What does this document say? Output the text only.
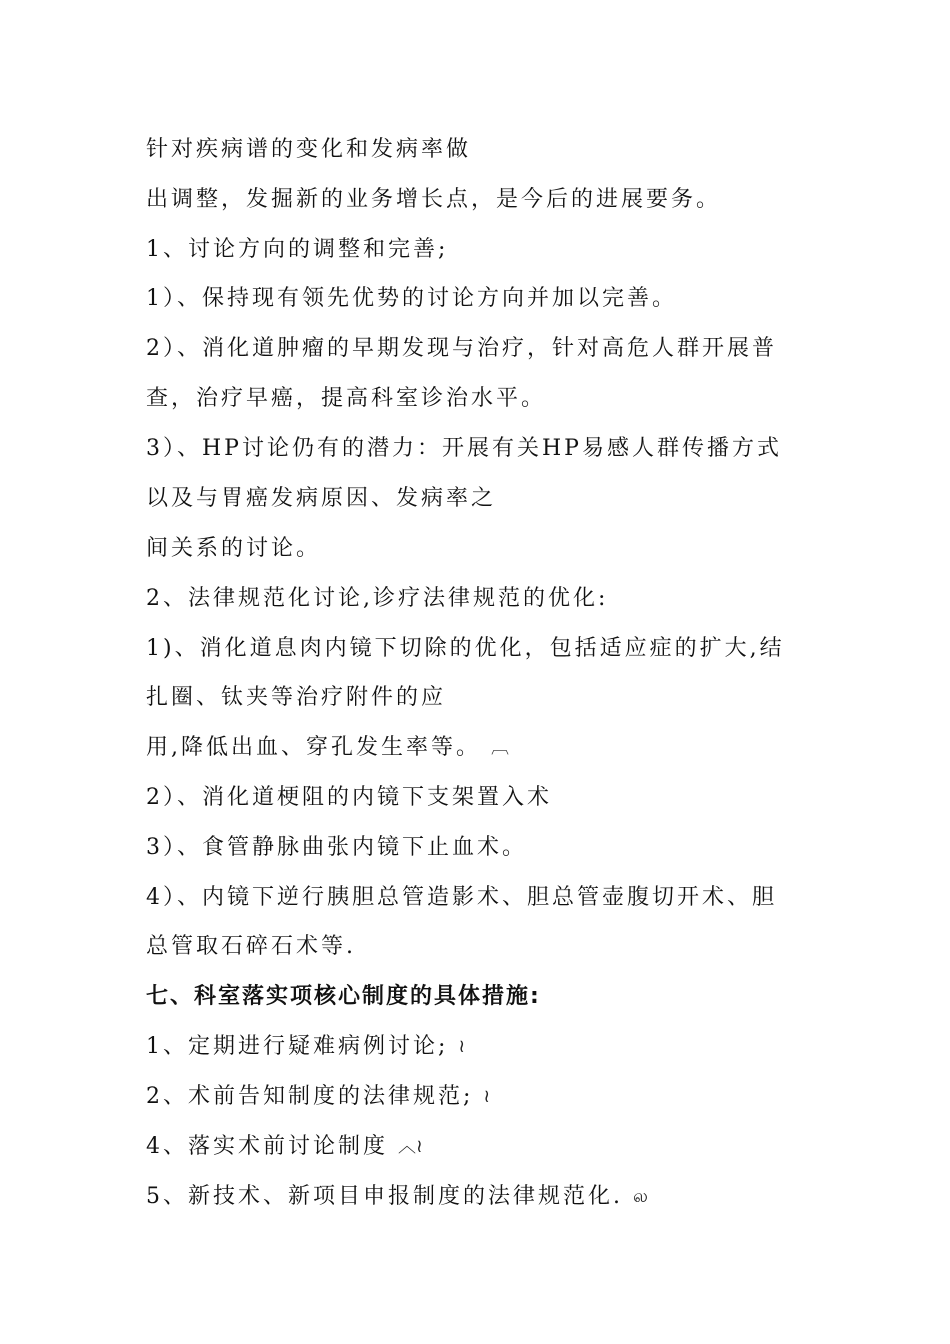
针对疾病谱的变化和发病率做
出调整，发掘新的业务增长点，是今后的进展要务。
1、讨论方向的调整和完善;
1）、保持现有领先优势的讨论方向并加以完善。
2）、消化道肿瘤的早期发现与治疗，针对高危人群开展普
查，治疗早癌，提高科室诊治水平。
3）、HP讨论仍有的潜力：开展有关HP易感人群传播方式
以及与胃癌发病原因、发病率之
间关系的讨论。
2、法律规范化讨论,诊疗法律规范的优化:
1)、消化道息肉内镜下切除的优化，包括适应症的扩大,结
扎圈、钛夹等治疗附件的应
用,降低出血、穿孔发生率等。 ︹
2）、消化道梗阻的内镜下支架置入术
3）、食管静脉曲张内镜下止血术。
4）、内镜下逆行胰胆总管造影术、胆总管壶腹切开术、胆
总管取石碎石术等.
七、科室落实项核心制度的具体措施:
1、定期进行疑难病例讨论; ≀
2、术前告知制度的法律规范; ≀
4、落实术前讨论制度 ︿≀
5、新技术、新项目申报制度的法律规范化. ல
